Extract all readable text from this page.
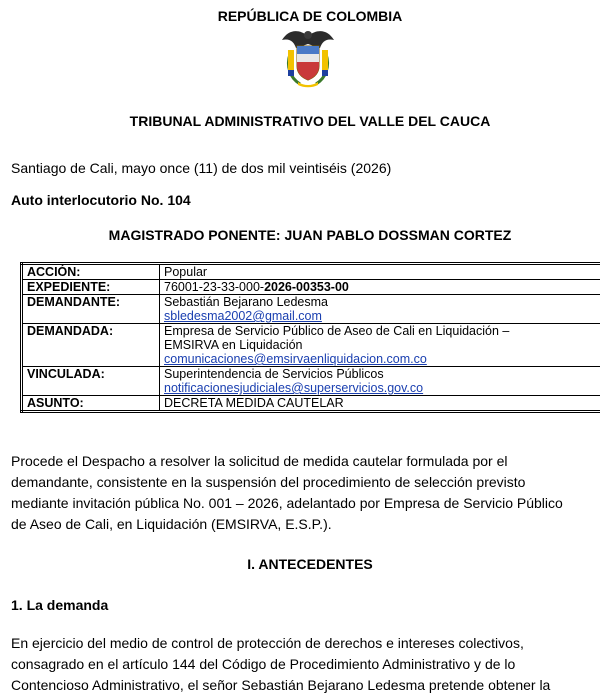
REPÚBLICA DE COLOMBIA
TRIBUNAL ADMINISTRATIVO DEL VALLE DEL CAUCA
Santiago de Cali, mayo once (11) de dos mil veintiséis (2026)
Auto interlocutorio No. 104
MAGISTRADO PONENTE: JUAN PABLO DOSSMAN CORTEZ
ACCIÓN:	Popular
EXPEDIENTE:	76001-23-33-000-2026-00353-00
DEMANDANTE:	Sebastián Bejarano Ledesma
sbledesma2002@gmail.com

DEMANDADA:	Empresa de Servicio Público de Aseo de Cali en Liquidación –
EMSIRVA en Liquidación
comunicaciones@emsirvaenliquidacion.com.co

VINCULADA:	Superintendencia de Servicios Públicos
notificacionesjudiciales@superservicios.gov.co

ASUNTO:	DECRETA MEDIDA CAUTELAR
Procede el Despacho a resolver la solicitud de medida cautelar formulada por el
demandante, consistente en la suspensión del procedimiento de selección previsto
mediante invitación pública No. 001 – 2026, adelantado por Empresa de Servicio Público
de Aseo de Cali, en Liquidación (EMSIRVA, E.S.P.).
I. ANTECEDENTES
1. La demanda
En ejercicio del medio de control de protección de derechos e intereses colectivos,
consagrado en el artículo 144 del Código de Procedimiento Administrativo y de lo
Contencioso Administrativo, el señor Sebastián Bejarano Ledesma pretende obtener la
